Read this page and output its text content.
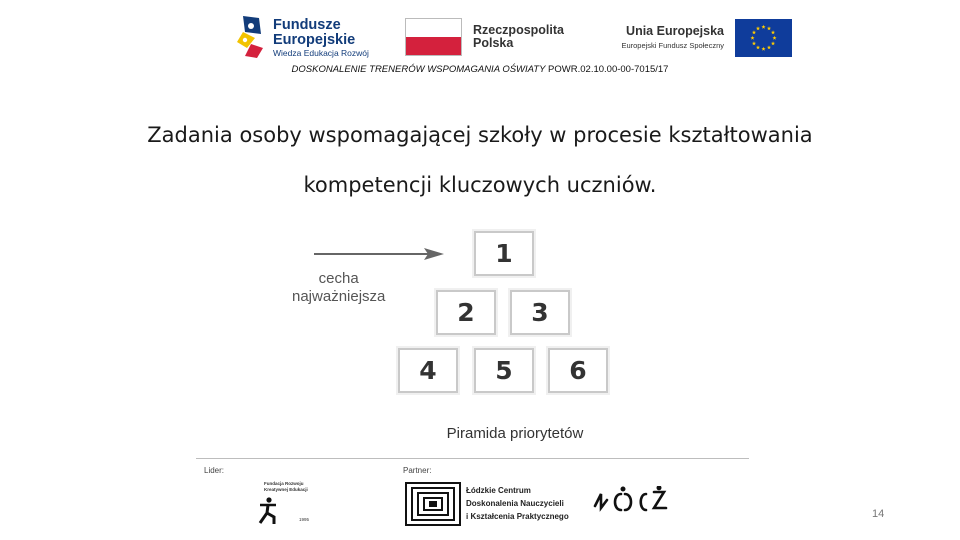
Fundusze
Europejskie
Wiedza Edukacja Rozwój
Rzeczpospolita
Polska
Unia Europejska
Europejski Fundusz Społeczny
DOSKONALENIE TRENERÓW WSPOMAGANIA OŚWIATY POWR.02.10.00-00-7015/17
Zadania osoby wspomagającej szkoły w procesie kształtowania
kompetencji kluczowych uczniów.
cecha
najważniejsza
1
2	3
4	5	6
Piramida priorytetów
Lider:	Partner:
Fundacja Rozwoju
Kreatywnej Edukacji
1995
Łódzkie Centrum
Doskonalenia Nauczycieli
i Kształcenia Praktycznego	14
